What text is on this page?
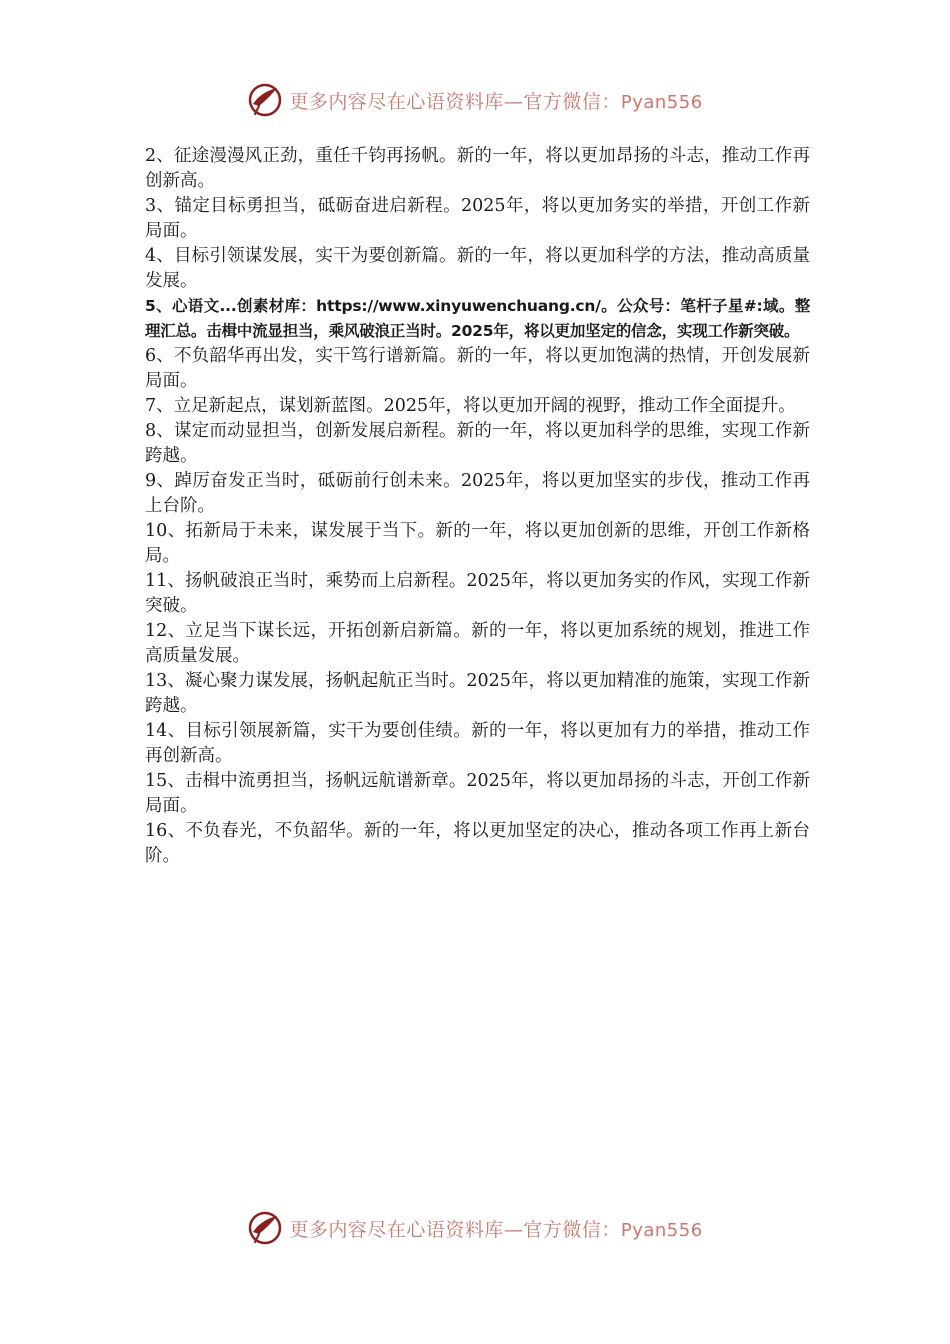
更多内容尽在心语资料库—官方微信：Pyan556

2、征途漫漫风正劲，重任千钧再扬帆。新的一年，将以更加昂扬的斗志，推动工作再创新高。

3、锚定目标勇担当，砥砺奋进启新程。2025年，将以更加务实的举措，开创工作新局面。

4、目标引领谋发展，实干为要创新篇。新的一年，将以更加科学的方法，推动高质量发展。

5、心语文...创素材库：https://www.xinyuwenchuang.cn/。公众号：笔杆子星#:域。整理汇总。击楫中流显担当，乘风破浪正当时。2025年，将以更加坚定的信念，实现工作新突破。

6、不负韶华再出发，实干笃行谱新篇。新的一年，将以更加饱满的热情，开创发展新局面。

7、立足新起点，谋划新蓝图。2025年，将以更加开阔的视野，推动工作全面提升。

8、谋定而动显担当，创新发展启新程。新的一年，将以更加科学的思维，实现工作新跨越。

9、踔厉奋发正当时，砥砺前行创未来。2025年，将以更加坚实的步伐，推动工作再上台阶。

10、拓新局于未来，谋发展于当下。新的一年，将以更加创新的思维，开创工作新格局。

11、扬帆破浪正当时，乘势而上启新程。2025年，将以更加务实的作风，实现工作新突破。

12、立足当下谋长远，开拓创新启新篇。新的一年，将以更加系统的规划，推进工作高质量发展。

13、凝心聚力谋发展，扬帆起航正当时。2025年，将以更加精准的施策，实现工作新跨越。

14、目标引领展新篇，实干为要创佳绩。新的一年，将以更加有力的举措，推动工作再创新高。

15、击楫中流勇担当，扬帆远航谱新章。2025年，将以更加昂扬的斗志，开创工作新局面。

16、不负春光，不负韶华。新的一年，将以更加坚定的决心，推动各项工作再上新台阶。

更多内容尽在心语资料库—官方微信：Pyan556
